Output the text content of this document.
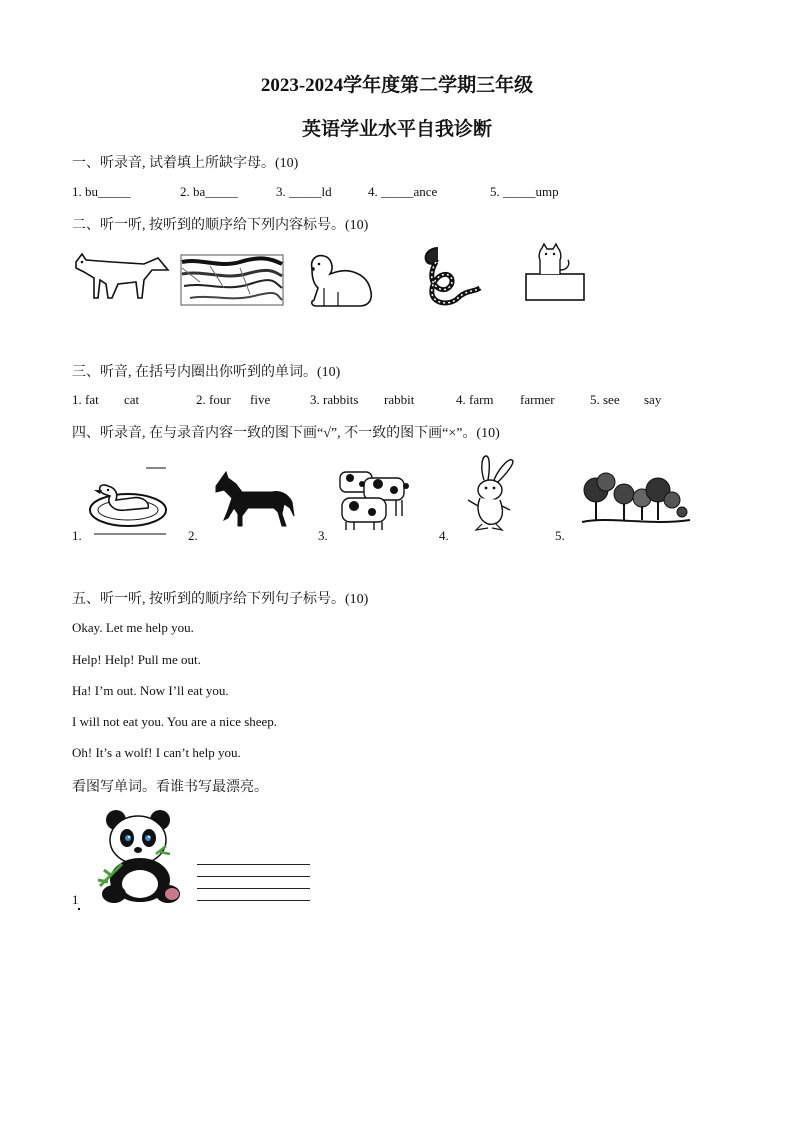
2023-2024学年度第二学期三年级
英语学业水平自我诊断
一、听录音, 试着填上所缺字母。(10)
1. bu_____	2. ba_____	3. _____ld	4. _____ance	5. _____ump
二、听一听, 按听到的顺序给下列内容标号。(10)
三、听音, 在括号内圈出你听到的单词。(10)
1. fat cat	2. four five	3. rabbits rabbit	4. farm farmer	5. see say
四、听录音, 在与录音内容一致的图下画“√”, 不一致的图下画“×”。(10)
1.	2.	3.	4.	5.
五、听一听, 按听到的顺序给下列句子标号。(10)
Okay. Let me help you.
Help! Help! Pull me out.
Ha! I’m out. Now I’ll eat you.
I will not eat you. You are a nice sheep.
Oh! It’s a wolf! I can’t help you.
看图写单词。看谁书写最漂亮。
1
